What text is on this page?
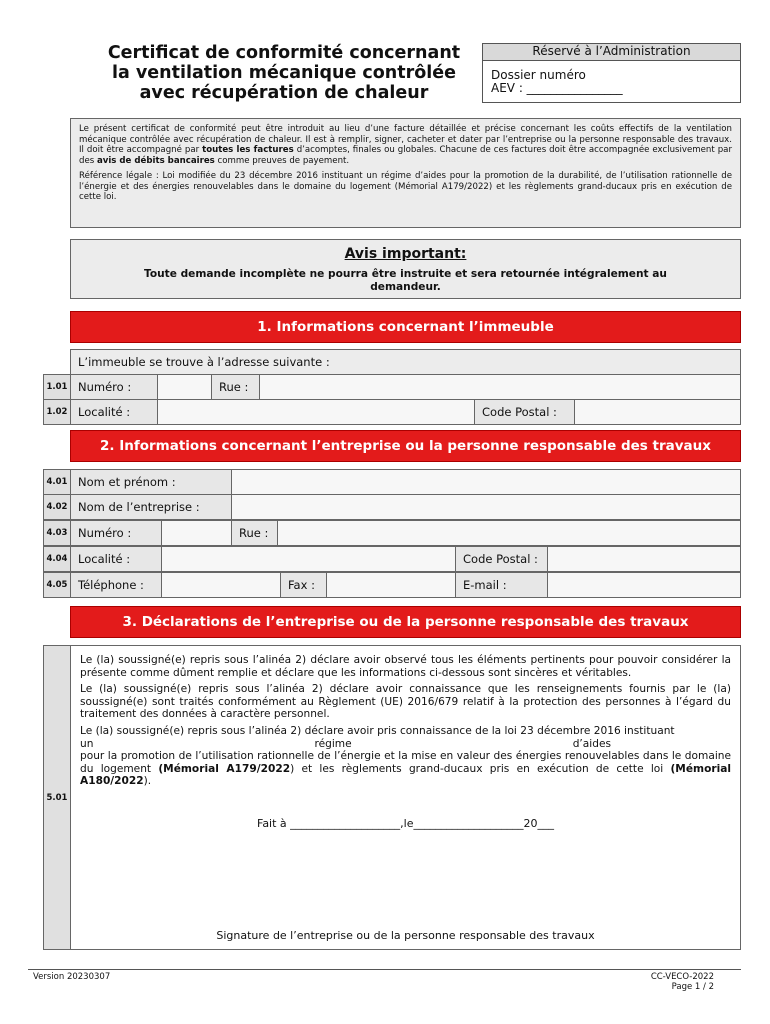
Certificat de conformité concernant
la ventilation mécanique contrôlée
avec récupération de chaleur
Réservé à l’Administration
Dossier numéro
AEV : ________________

Le présent certificat de conformité peut être introduit au lieu d’une facture détaillée et précise concernant les coûts effectifs de la ventilation mécanique contrôlée avec récupération de chaleur. Il est à remplir, signer, cacheter et dater par l’entreprise ou la personne responsable des travaux. Il doit être accompagné par toutes les factures d’acomptes, finales ou globales. Chacune de ces factures doit être accompagnée exclusivement par des avis de débits bancaires comme preuves de payement.

Référence légale : Loi modifiée du 23 décembre 2016 instituant un régime d’aides pour la promotion de la durabilité, de l’utilisation rationnelle de l’énergie et des énergies renouvelables dans le domaine du logement (Mémorial A179/2022) et les règlements grand-ducaux pris en exécution de cette loi.

Avis important:
Toute demande incomplète ne pourra être instruite et sera retournée intégralement au demandeur.
1. Informations concernant l’immeuble
L’immeuble se trouve à l’adresse suivante :
1.01 Numéro :	Rue :
1.02 Localité :	Code Postal :
2. Informations concernant l’entreprise ou la personne responsable des travaux
4.01 Nom et prénom :
4.02 Nom de l’entreprise :
4.03 Numéro :	Rue :
4.04 Localité :	Code Postal :
4.05 Téléphone :	Fax :	E-mail :
3. Déclarations de l’entreprise ou de la personne responsable des travaux
5.01

Le (la) soussigné(e) repris sous l’alinéa 2) déclare avoir observé tous les éléments pertinents pour pouvoir considérer la présente comme dûment remplie et déclare que les informations ci-dessous sont sincères et véritables.

Le (la) soussigné(e) repris sous l’alinéa 2) déclare avoir connaissance que les renseignements fournis par le (la) soussigné(e) sont traités conformément au Règlement (UE) 2016/679 relatif à la protection des personnes à l’égard du traitement des données à caractère personnel.

Le (la) soussigné(e) repris sous l’alinéa 2) déclare avoir pris connaissance de la loi 23 décembre 2016 instituant
un	régime	d’aides
pour la promotion de l’utilisation rationnelle de l’énergie et la mise en valeur des énergies renouvelables dans le domaine du logement (Mémorial A179/2022) et les règlements grand-ducaux pris en exécution de cette loi (Mémorial A180/2022).
Fait à ____________________,le____________________20___
Signature de l’entreprise ou de la personne responsable des travaux
Version 20230307	CC-VECO-2022
Page 1 / 2
